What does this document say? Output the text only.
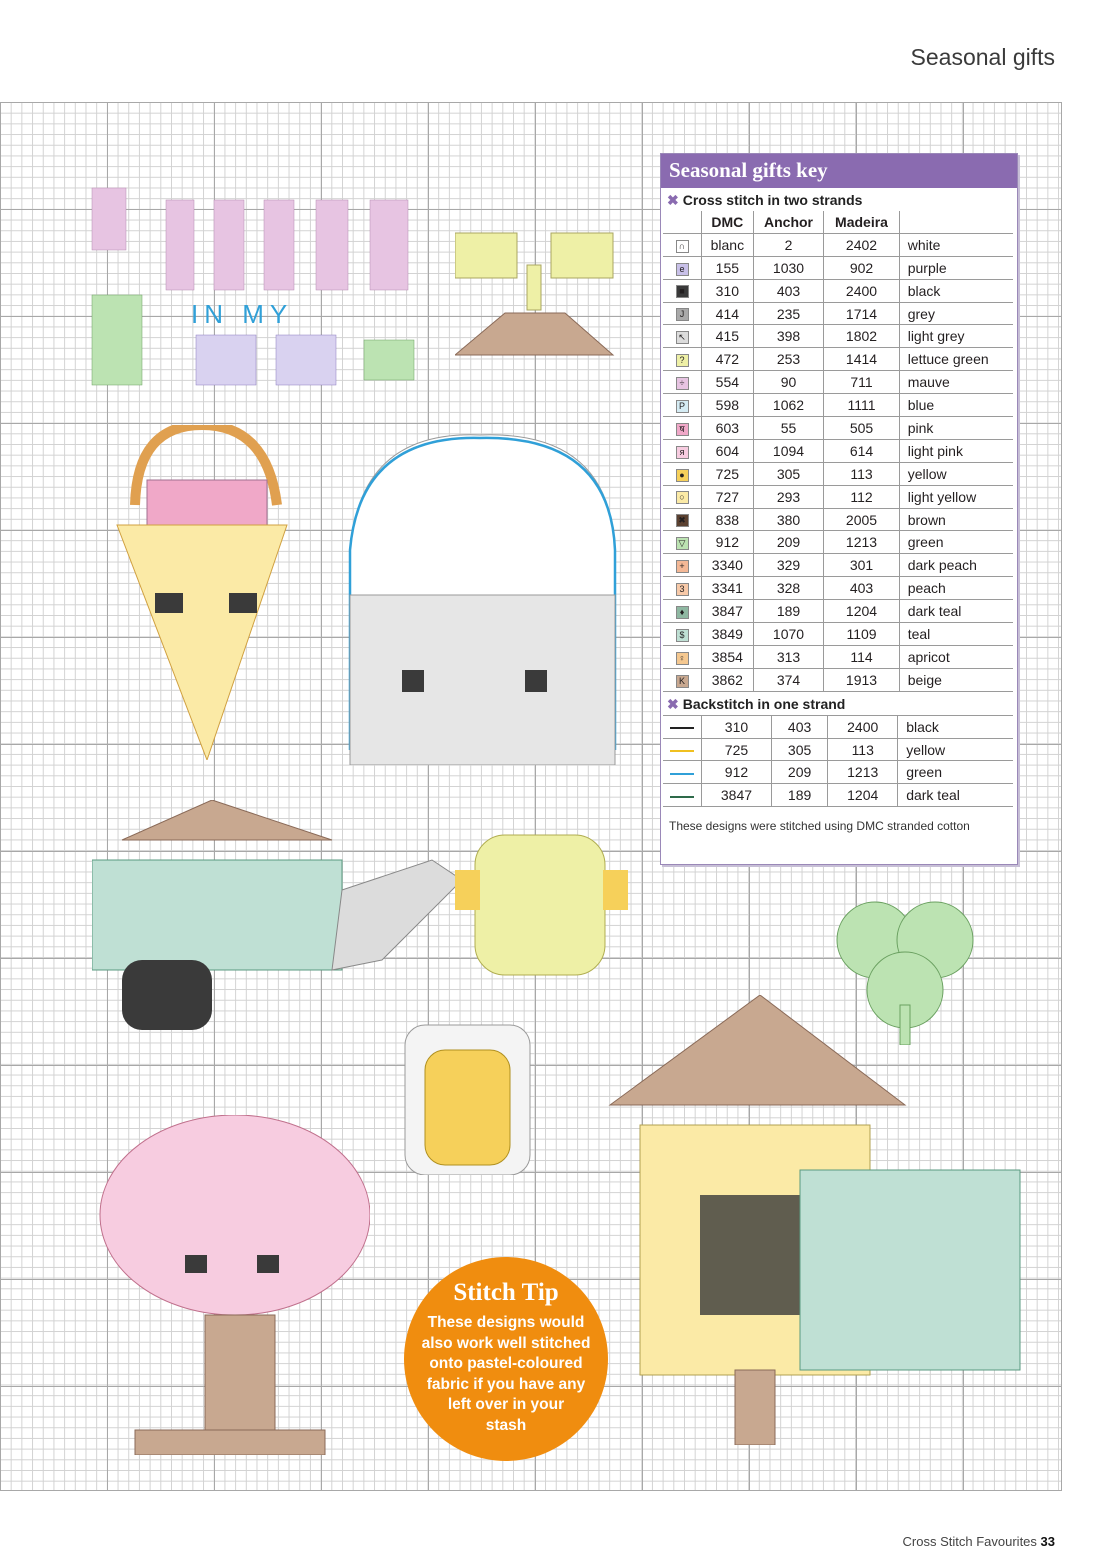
Seasonal gifts
IN MY
Seasonal gifts key
✖ Cross stitch in two strands
	DMC	Anchor	Madeira	
∩	blanc	2	2402	white
e	155	1030	902	purple
■	310	403	2400	black
J	414	235	1714	grey
↖	415	398	1802	light grey
?	472	253	1414	lettuce green
÷	554	90	711	mauve
P	598	1062	1111	blue
ष	603	55	505	pink
я	604	1094	614	light pink
●	725	305	113	yellow
○	727	293	112	light yellow
✖	838	380	2005	brown
▽	912	209	1213	green
+	3340	329	301	dark peach
3	3341	328	403	peach
♦	3847	189	1204	dark teal
$	3849	1070	1109	teal
♀	3854	313	114	apricot
K	3862	374	1913	beige
✖ Backstitch in one strand
	310	403	2400	black
	725	305	113	yellow
	912	209	1213	green
	3847	189	1204	dark teal
These designs were stitched using DMC stranded cotton
Stitch Tip
These designs would
also work well stitched
onto pastel-coloured
fabric if you have any
left over in your
stash
Cross Stitch Favourites 33
